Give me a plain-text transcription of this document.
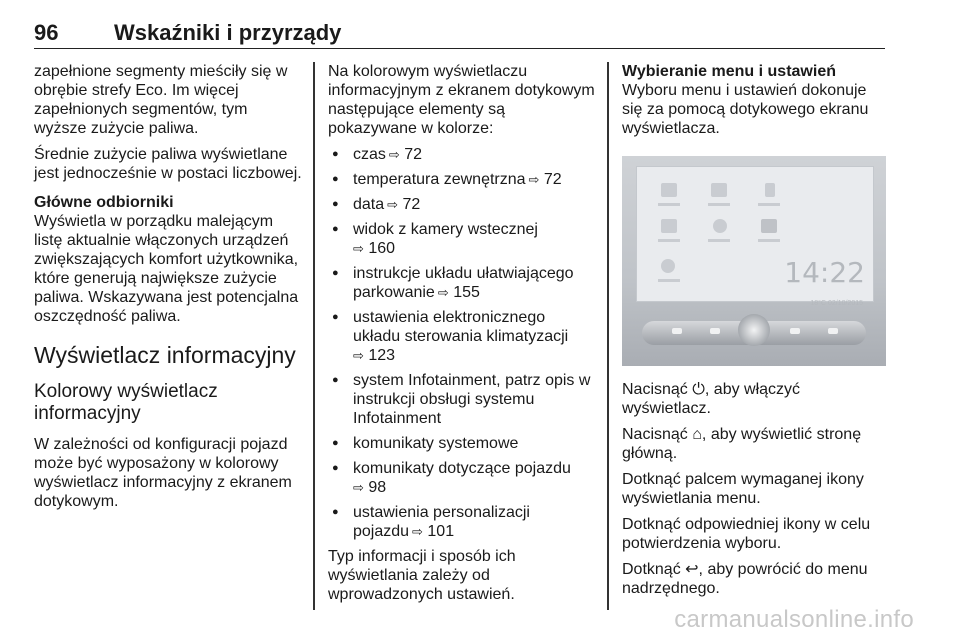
96	Wskaźniki i przyrządy

zapełnione segmenty mieściły się w obrębie strefy Eco. Im więcej zapełnionych segmentów, tym wyższe zużycie paliwa.

Średnie zużycie paliwa wyświetlane jest jednocześnie w postaci liczbowej.

Główne odbiorniki

Wyświetla w porządku malejącym listę aktualnie włączonych urządzeń zwiększających komfort użytkownika, które generują największe zużycie paliwa. Wskazywana jest potencjalna oszczędność paliwa.

Wyświetlacz informacyjny
Kolorowy wyświetlacz informacyjny

W zależności od konfiguracji pojazd może być wyposażony w kolorowy wyświetlacz informacyjny z ekranem dotykowym.

Na kolorowym wyświetlaczu informacyjnym z ekranem dotykowym następujące elementy są pokazywane w kolorze:

● czas ⇨ 72
● temperatura zewnętrzna ⇨ 72
● data ⇨ 72
● widok z kamery wstecznej
⇨ 160
● instrukcje układu ułatwiającego parkowanie ⇨ 155
● ustawienia elektronicznego układu sterowania klimatyzacji
⇨ 123
● system Infotainment, patrz opis w instrukcji obsługi systemu Infotainment
● komunikaty systemowe
● komunikaty dotyczące pojazdu
⇨ 98
● ustawienia personalizacji pojazdu ⇨ 101

Typ informacji i sposób ich wyświetlania zależy od wprowadzonych ustawień.

Wybieranie menu i ustawień

Wyboru menu i ustawień dokonuje się za pomocą dotykowego ekranu wyświetlacza.

14:22
18°C 02/10/2015

Nacisnąć ⏻, aby włączyć wyświetlacz.

Nacisnąć ⌂, aby wyświetlić stronę główną.

Dotknąć palcem wymaganej ikony wyświetlania menu.

Dotknąć odpowiedniej ikony w celu potwierdzenia wyboru.

Dotknąć ↩, aby powrócić do menu nadrzędnego.

carmanualsonline.info
